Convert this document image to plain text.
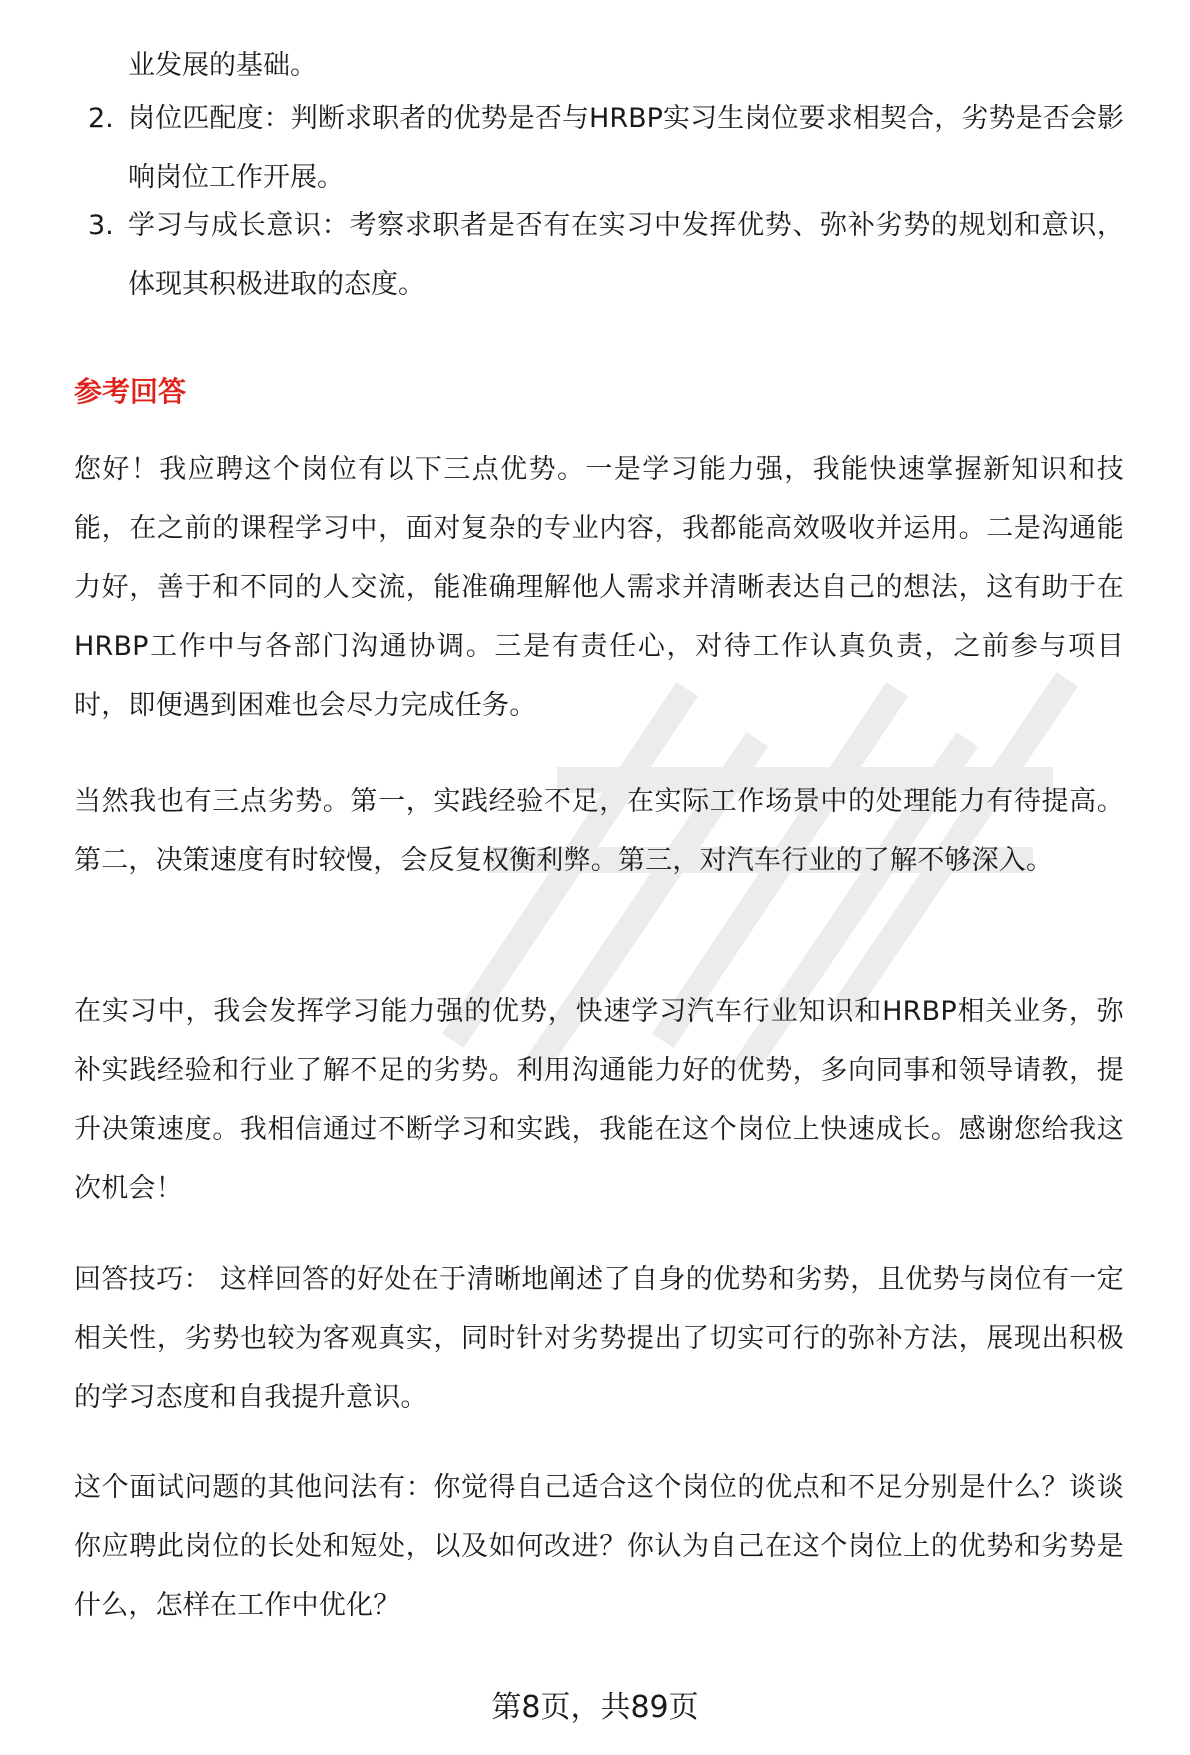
业发展的基础。
2. 岗位匹配度：判断求职者的优势是否与HRBP实习生岗位要求相契合，劣势是否会影响岗位工作开展。
3. 学习与成长意识：考察求职者是否有在实习中发挥优势、弥补劣势的规划和意识，体现其积极进取的态度。
参考回答

您好！我应聘这个岗位有以下三点优势。一是学习能力强，我能快速掌握新知识和技能，在之前的课程学习中，面对复杂的专业内容，我都能高效吸收并运用。二是沟通能力好，善于和不同的人交流，能准确理解他人需求并清晰表达自己的想法，这有助于在HRBP工作中与各部门沟通协调。三是有责任心，对待工作认真负责，之前参与项目时，即便遇到困难也会尽力完成任务。

当然我也有三点劣势。第一，实践经验不足，在实际工作场景中的处理能力有待提高。第二，决策速度有时较慢，会反复权衡利弊。第三，对汽车行业的了解不够深入。

在实习中，我会发挥学习能力强的优势，快速学习汽车行业知识和HRBP相关业务，弥补实践经验和行业了解不足的劣势。利用沟通能力好的优势，多向同事和领导请教，提升决策速度。我相信通过不断学习和实践，我能在这个岗位上快速成长。感谢您给我这次机会！

回答技巧： 这样回答的好处在于清晰地阐述了自身的优势和劣势，且优势与岗位有一定相关性，劣势也较为客观真实，同时针对劣势提出了切实可行的弥补方法，展现出积极的学习态度和自我提升意识。

这个面试问题的其他问法有：你觉得自己适合这个岗位的优点和不足分别是什么？谈谈你应聘此岗位的长处和短处，以及如何改进？你认为自己在这个岗位上的优势和劣势是什么，怎样在工作中优化？

第8页，共89页
